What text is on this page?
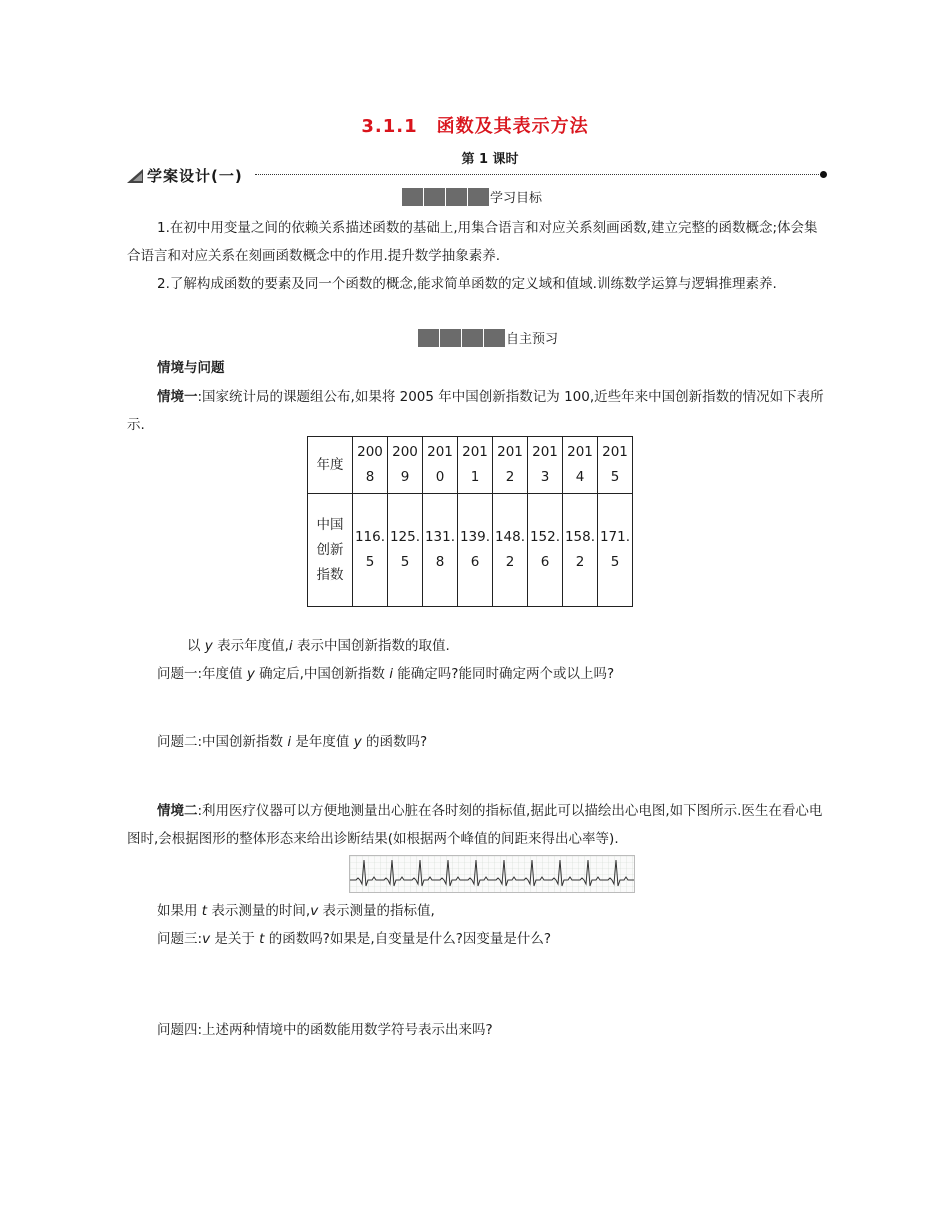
3.1.1　函数及其表示方法
第 1 课时
学案设计(一)
学习目标
1.在初中用变量之间的依赖关系描述函数的基础上,用集合语言和对应关系刻画函数,建立完整的函数概念;体会集合语言和对应关系在刻画函数概念中的作用.提升数学抽象素养.
2.了解构成函数的要素及同一个函数的概念,能求简单函数的定义域和值域.训练数学运算与逻辑推理素养.
自主预习
情境与问题
情境一:国家统计局的课题组公布,如果将 2005 年中国创新指数记为 100,近些年来中国创新指数的情况如下表所示.
年度	2008	2009	2010	2011	2012	2013	2014	2015

中国创新指数	116.5	125.5	131.8	139.6	148.2	152.6	158.2	171.5
以 y 表示年度值,i 表示中国创新指数的取值.
问题一:年度值 y 确定后,中国创新指数 i 能确定吗?能同时确定两个或以上吗?
问题二:中国创新指数 i 是年度值 y 的函数吗?
情境二:利用医疗仪器可以方便地测量出心脏在各时刻的指标值,据此可以描绘出心电图,如下图所示.医生在看心电图时,会根据图形的整体形态来给出诊断结果(如根据两个峰值的间距来得出心率等).
如果用 t 表示测量的时间,v 表示测量的指标值,
问题三:v 是关于 t 的函数吗?如果是,自变量是什么?因变量是什么?
问题四:上述两种情境中的函数能用数学符号表示出来吗?
